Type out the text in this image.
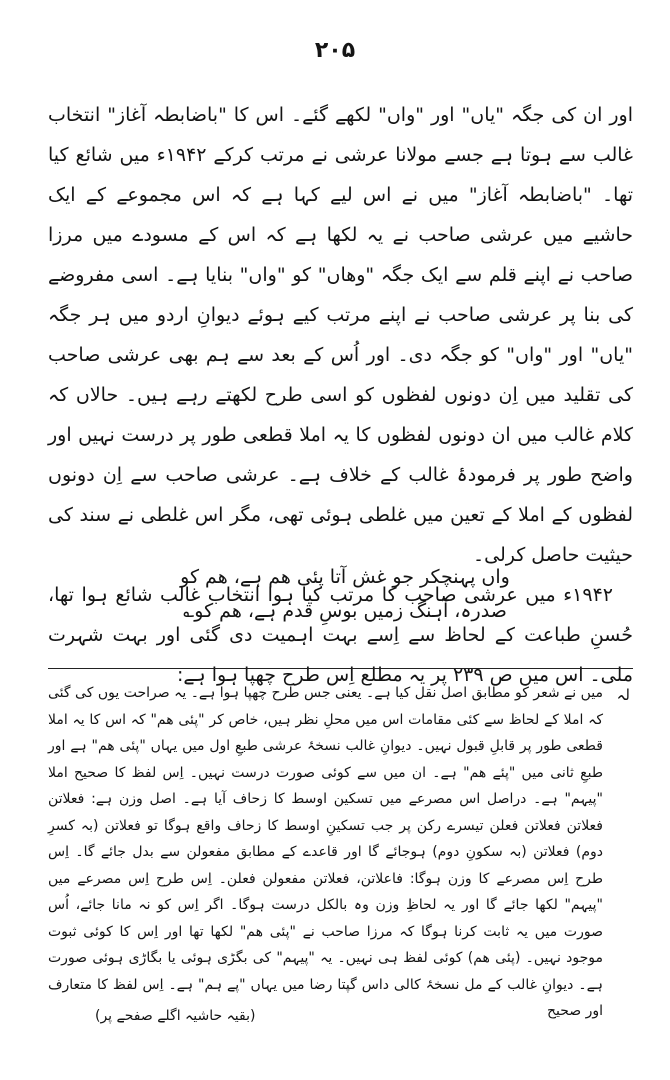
۲۰۵

اور ان کی جگہ "یاں" اور "واں" لکھے گئے۔ اس کا "باضابطہ آغاز" انتخاب غالب سے ہوتا ہے جسے مولانا عرشی نے مرتب کرکے ۱۹۴۲ء میں شائع کیا تھا۔ "باضابطہ آغاز" میں نے اس لیے کہا ہے کہ اس مجموعے کے ایک حاشیے میں عرشی صاحب نے یہ لکھا ہے کہ اس کے مسودے میں مرزا صاحب نے اپنے قلم سے ایک جگہ "وھاں" کو "واں" بنایا ہے۔ اسی مفروضے کی بنا پر عرشی صاحب نے اپنے مرتب کیے ہوئے دیوانِ اردو میں ہر جگہ "یاں" اور "واں" کو جگہ دی۔ اور اُس کے بعد سے ہم بھی عرشی صاحب کی تقلید میں اِن دونوں لفظوں کو اسی طرح لکھتے رہے ہیں۔ حالاں کہ کلام غالب میں ان دونوں لفظوں کا یہ املا قطعی طور پر درست نہیں اور واضح طور پر فرمودۂ غالب کے خلاف ہے۔ عرشی صاحب سے اِن دونوں لفظوں کے املا کے تعین میں غلطی ہوئی تھی، مگر اس غلطی نے سند کی حیثیت حاصل کرلی۔

۱۹۴۲ء میں عرشی صاحب کا مرتب کیا ہوا انتخاب غالب شائع ہوا تھا، حُسنِ طباعت کے لحاظ سے اِسے بہت اہمیت دی گئی اور بہت شہرت ملی۔ اس میں ص ۲۳۹ پر یہ مطلع اِس طرح چھپا ہوا ہے:

واں پہنچکر جو غش آتا پئی ھم ہے، ھم کو
صدرہ، آہنگ زمیں بوسِ قدم ہے، ھم کو؎
لہ

میں نے شعر کو مطابق اصل نقل کیا ہے۔ یعنی جس طرح چھپا ہوا ہے۔ یہ صراحت یوں کی گئی کہ املا کے لحاظ سے کئی مقامات اس میں محلِ نظر ہیں، خاص کر "پئی ھم" کہ اس کا یہ املا قطعی طور پر قابلِ قبول نہیں۔ دیوانِ غالب نسخۂ عرشی طبعِ اول میں یہاں "پئی ھم" ہے اور طبعِ ثانی میں "پئے ھم" ہے۔ ان میں سے کوئی صورت درست نہیں۔ اِس لفظ کا صحیح املا "پیہم" ہے۔ دراصل اس مصرعے میں تسکین اوسط کا زحاف آیا ہے۔ اصل وزن ہے: فعلاتن فعلاتن فعلاتن فعلن تیسرے رکن پر جب تسکینِ اوسط کا زحاف واقع ہوگا تو فعلاتن (بہ کسرِ دوم) فعلاتن (بہ سکونِ دوم) ہوجائے گا اور قاعدے کے مطابق مفعولن سے بدل جائے گا۔ اِس طرح اِس مصرعے کا وزن ہوگا: فاعلاتن، فعلاتن مفعولن فعلن۔ اِس طرح اِس مصرعے میں "پیہم" لکھا جائے گا اور یہ لحاظِ وزن وہ بالکل درست ہوگا۔ اگر اِس کو نہ مانا جائے، اُس صورت میں یہ ثابت کرنا ہوگا کہ مرزا صاحب نے "پئی ھم" لکھا تھا اور اِس کا کوئی ثبوت موجود نہیں۔ (پئی ھم) کوئی لفظ ہی نہیں۔ یہ "پیہم" کی بگڑی ہوئی یا بگاڑی ہوئی صورت ہے۔ دیوانِ غالب کے مل نسخۂ کالی داس گپتا رضا میں یہاں "پے ہم" ہے۔ اِس لفظ کا متعارف اور صحیح

(بقیہ حاشیہ اگلے صفحے پر)
